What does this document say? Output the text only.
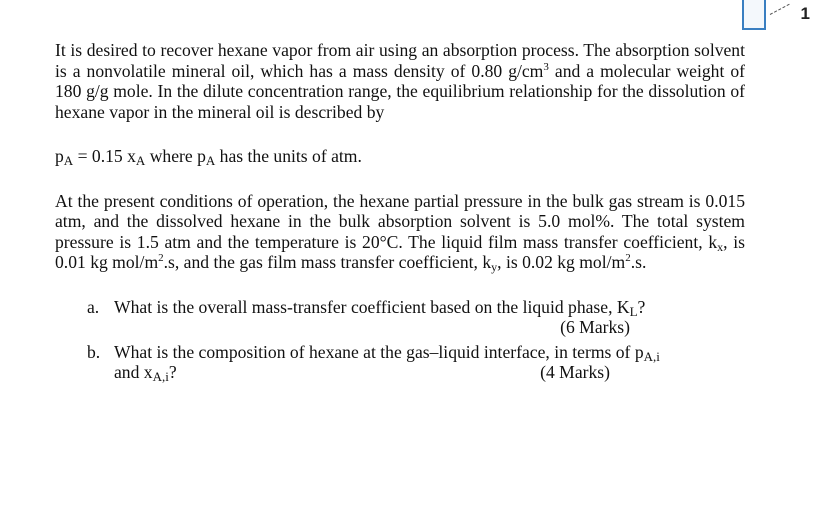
1

It is desired to recover hexane vapor from air using an absorption process. The absorption solvent is a nonvolatile mineral oil, which has a mass density of 0.80 $g/cm^3$ and a molecular weight of 180 g/g mole. In the dilute concentration range, the equilibrium relationship for the dissolution of hexane vapor in the mineral oil is described by

$p_A = 0.15$ $x_A$ where $p_A$ has the units of atm.

At the present conditions of operation, the hexane partial pressure in the bulk gas stream is 0.015 atm, and the dissolved hexane in the bulk absorption solvent is 5.0 mol%. The total system pressure is 1.5 atm and the temperature is 20°C. The liquid film mass transfer coefficient, $k_x$, is 0.01 kg mol/$m^2.s$, and the gas film mass transfer coefficient, $k_y$, is 0.02 kg mol/$m^2.s$.

a. What is the overall mass-transfer coefficient based on the liquid phase, $K_L$?
(6 Marks)
b. What is the composition of hexane at the gas–liquid interface, in terms of $p_{A,i}$
and $x_{A,i}$?	(4 Marks)
